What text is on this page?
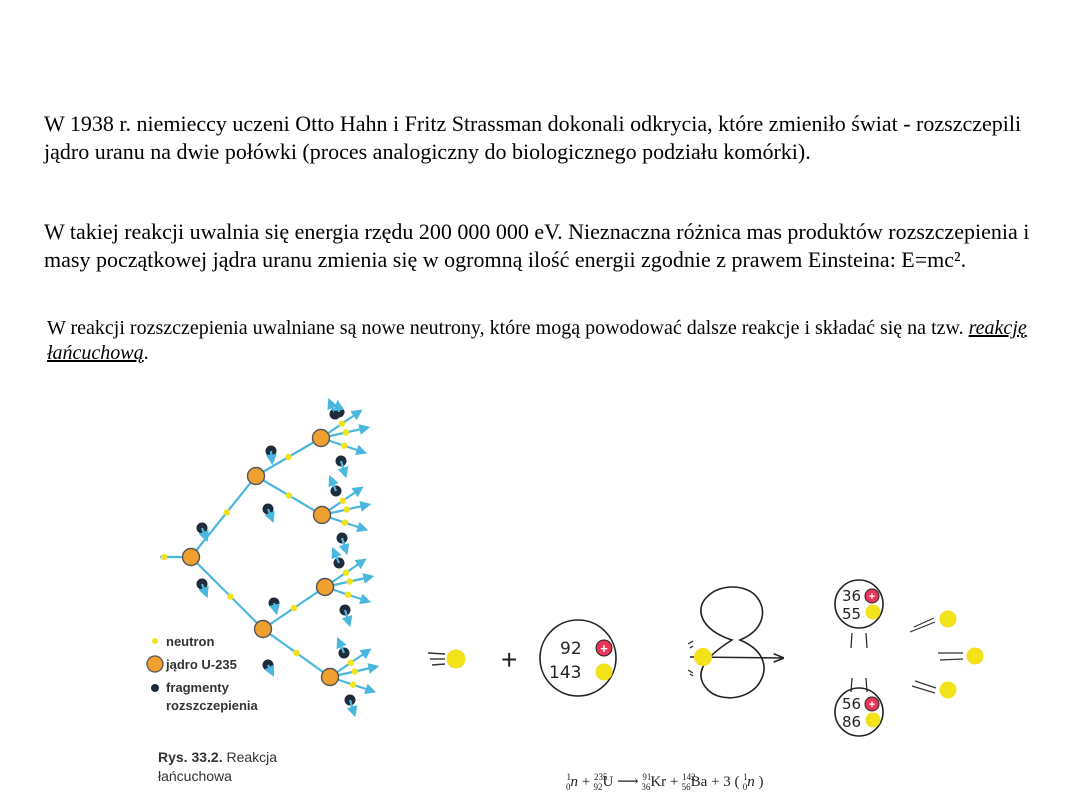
W 1938 r. niemieccy uczeni Otto Hahn i Fritz Strassman dokonali odkrycia, które zmieniło świat - rozszczepili jądro uranu na dwie połówki (proces analogiczny do biologicznego podziału komórki).

W takiej reakcji uwalnia się energia rzędu 200 000 000 eV. Nieznaczna różnica mas produktów rozszczepienia i masy początkowej jądra uranu zmienia się w ogromną ilość energii zgodnie z prawem Einsteina: E=mc².

W reakcji rozszczepienia uwalniane są nowe neutrony, które mogą powodować dalsze reakcje i składać się na tzw. reakcję łańcuchową.

neutron
jądro U-235
fragmenty
rozszczepienia
Rys. 33.2. Reakcja
łańcuchowa
+	92 +
143
36 +
55
56 +
86
$^1$ 0n + $^{235}$ 92U ⟶ $^{91}$ 36Kr + $^{142}$ 56Ba + 3 ( $^1$ 0n )
